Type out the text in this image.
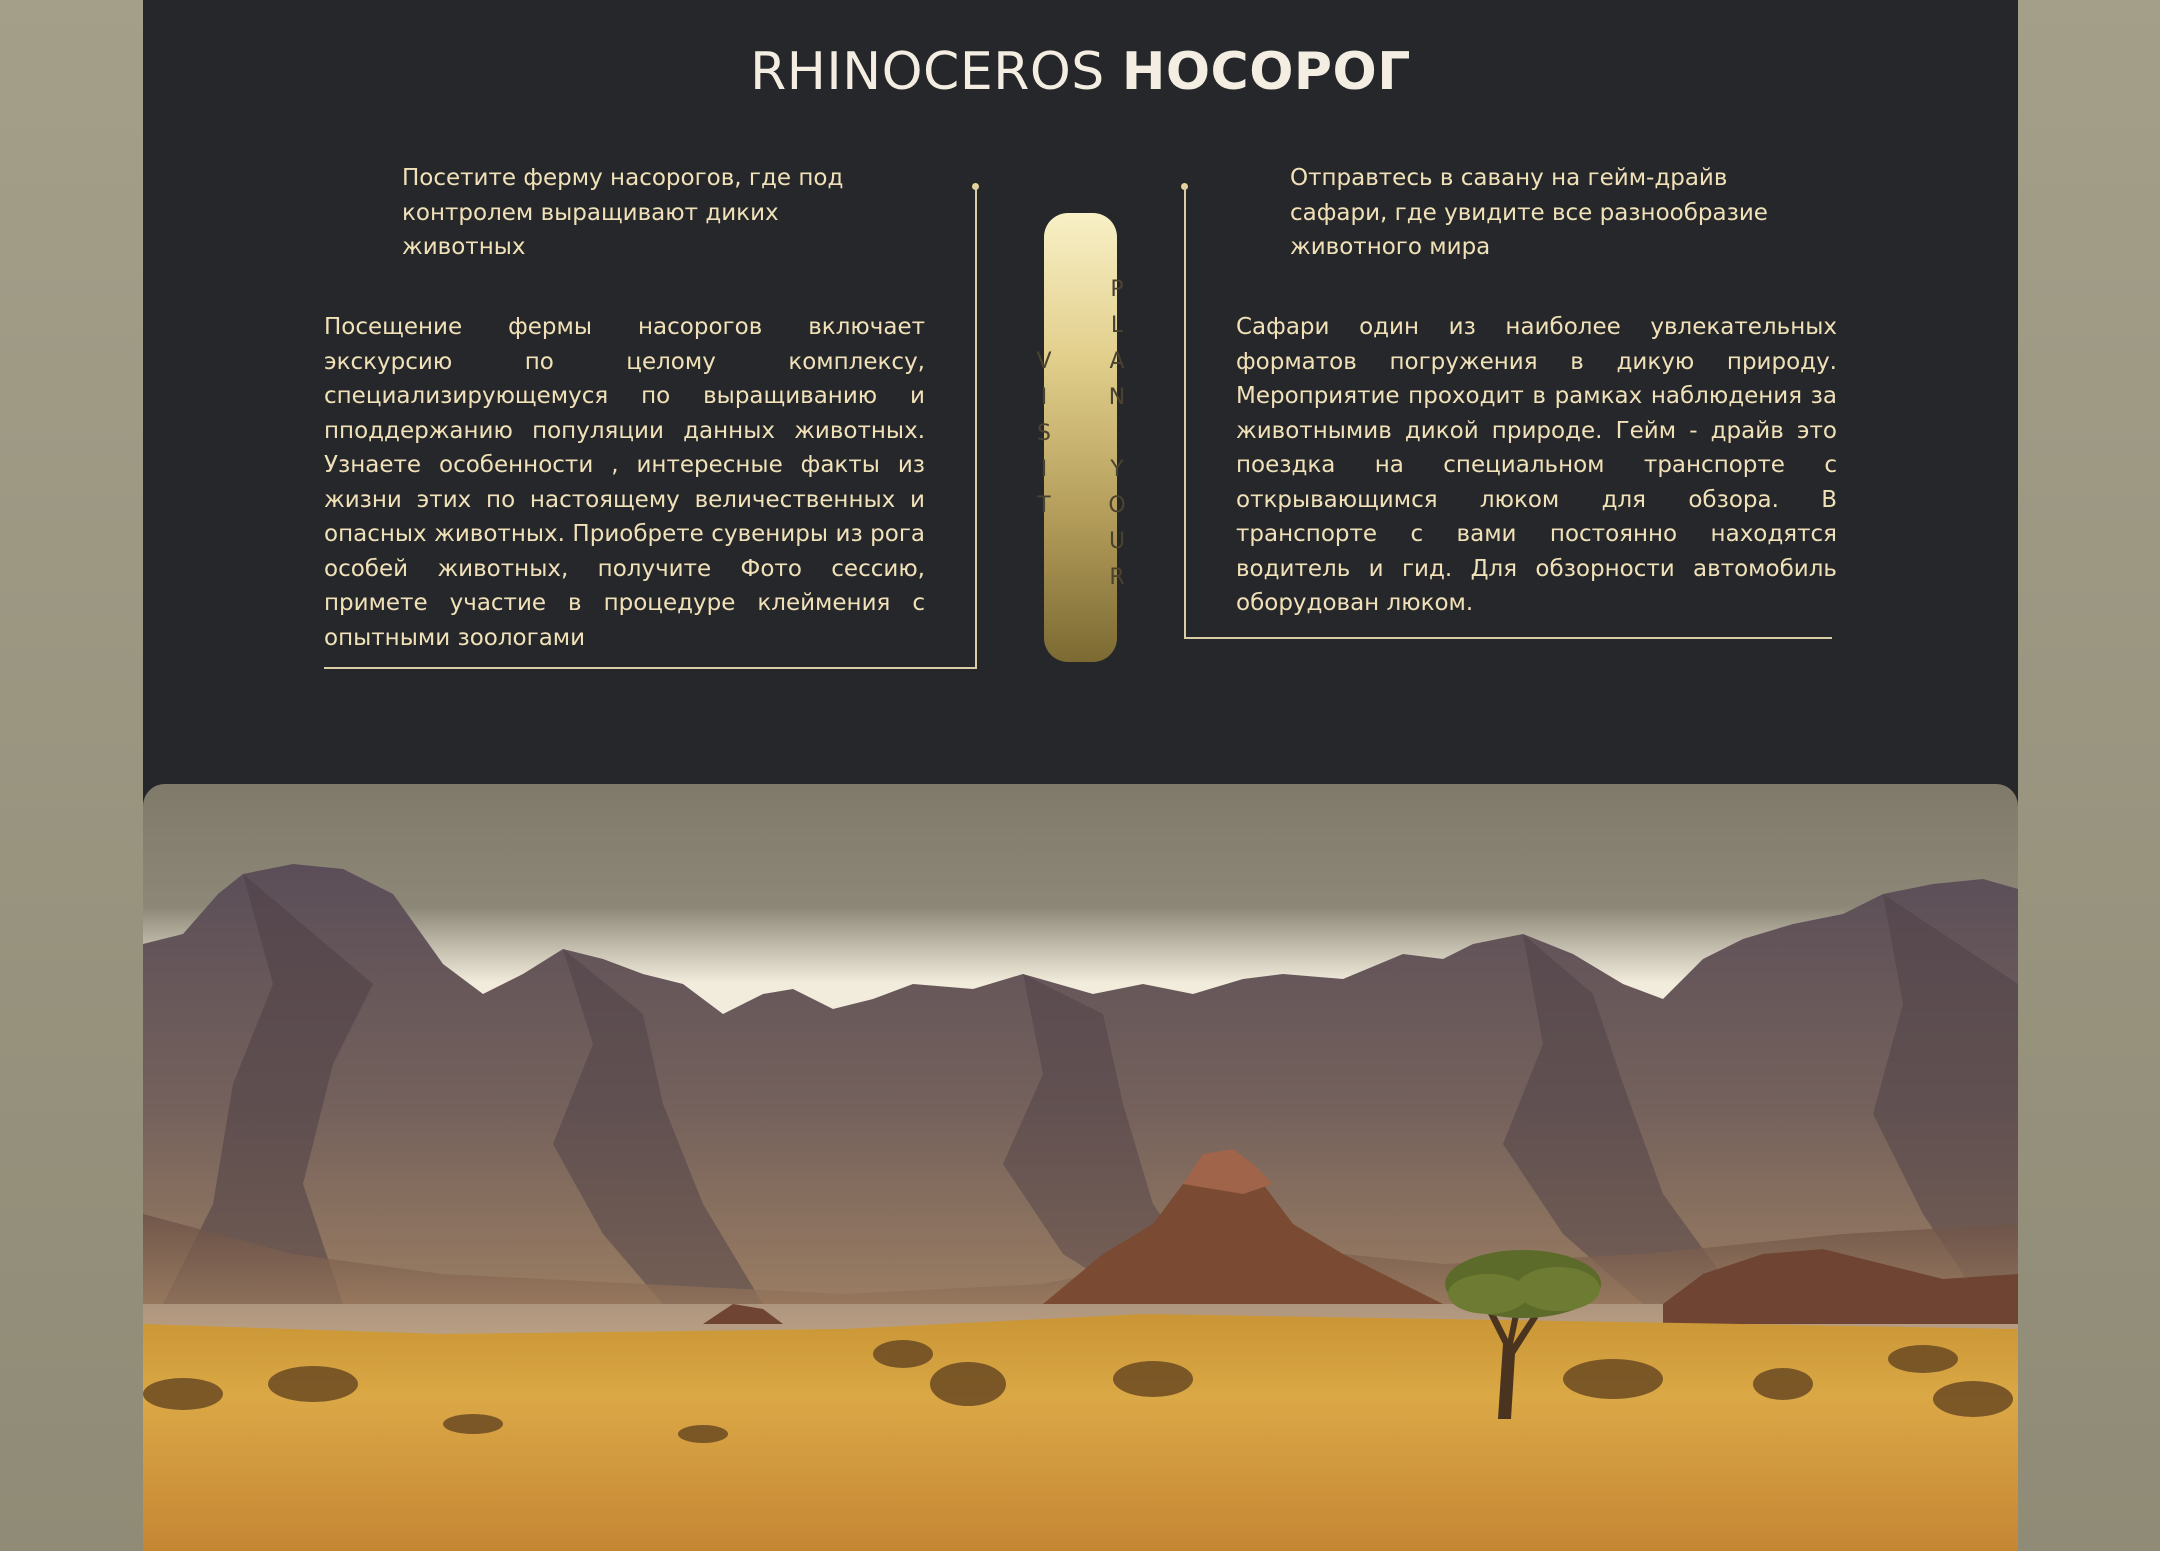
RHINOCEROS НОСОРОГ

Посетите ферму насорогов, где под контролем выращивают диких животных

Посещение фермы насорогов включает экскурсию по целому комплексу, специализирующемуся по выращиванию и пподдержанию популяции данных животных. Узнаете особенности , интересные факты из жизни этих по настоящему величественных и опасных животных. Приобрете сувениры из рога особей животных, получите Фото сессию, примете участие в процедуре клеймения с опытными зоологами

Отправтесь в савану на гейм-драйв сафари, где увидите все разнообразие животного мира

Сафари один из наиболее увлекательных форматов погружения в дикую природу. Мероприятие проходит в рамках наблюдения за животнымив дикой природе. Гейм - драйв это поездка на специальном транспорте с открывающимся люком для обзора. В транспорте с вами постоянно находятся водитель и гид. Для обзорности автомобиль оборудован люком.

PLAN YOUR VISIT
